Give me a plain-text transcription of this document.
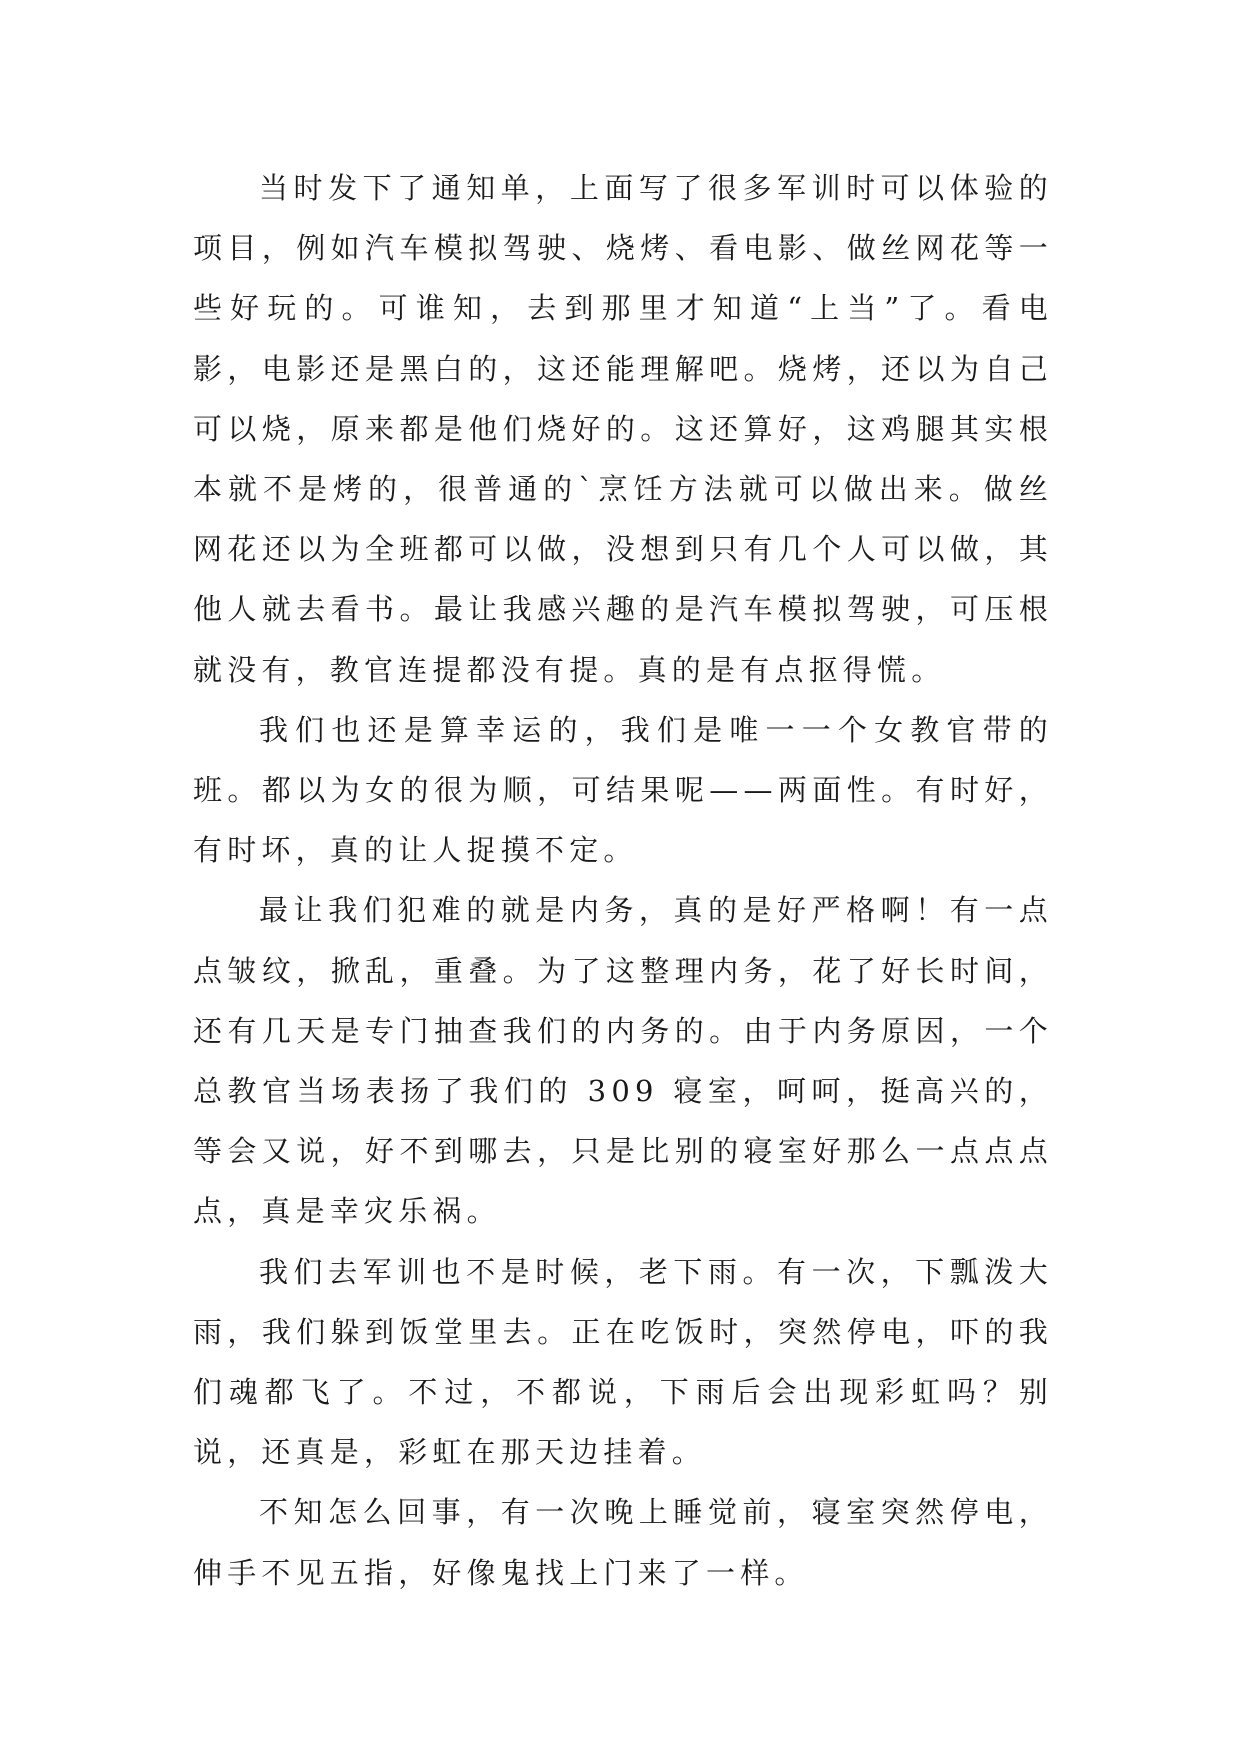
当时发下了通知单，上面写了很多军训时可以体验的项目，例如汽车模拟驾驶、烧烤、看电影、做丝网花等一些好玩的。可谁知，去到那里才知道“上当”了。看电影，电影还是黑白的，这还能理解吧。烧烤，还以为自己可以烧，原来都是他们烧好的。这还算好，这鸡腿其实根本就不是烤的，很普通的`烹饪方法就可以做出来。做丝网花还以为全班都可以做，没想到只有几个人可以做，其他人就去看书。最让我感兴趣的是汽车模拟驾驶，可压根就没有，教官连提都没有提。真的是有点抠得慌。

我们也还是算幸运的，我们是唯一一个女教官带的班。都以为女的很为顺，可结果呢——两面性。有时好，有时坏，真的让人捉摸不定。

最让我们犯难的就是内务，真的是好严格啊！有一点点皱纹，掀乱，重叠。为了这整理内务，花了好长时间，还有几天是专门抽查我们的内务的。由于内务原因，一个总教官当场表扬了我们的 309 寝室，呵呵，挺高兴的，等会又说，好不到哪去，只是比别的寝室好那么一点点点点，真是幸灾乐祸。

我们去军训也不是时候，老下雨。有一次，下瓢泼大雨，我们躲到饭堂里去。正在吃饭时，突然停电，吓的我们魂都飞了。不过，不都说，下雨后会出现彩虹吗？别说，还真是，彩虹在那天边挂着。

不知怎么回事，有一次晚上睡觉前，寝室突然停电，伸手不见五指，好像鬼找上门来了一样。
